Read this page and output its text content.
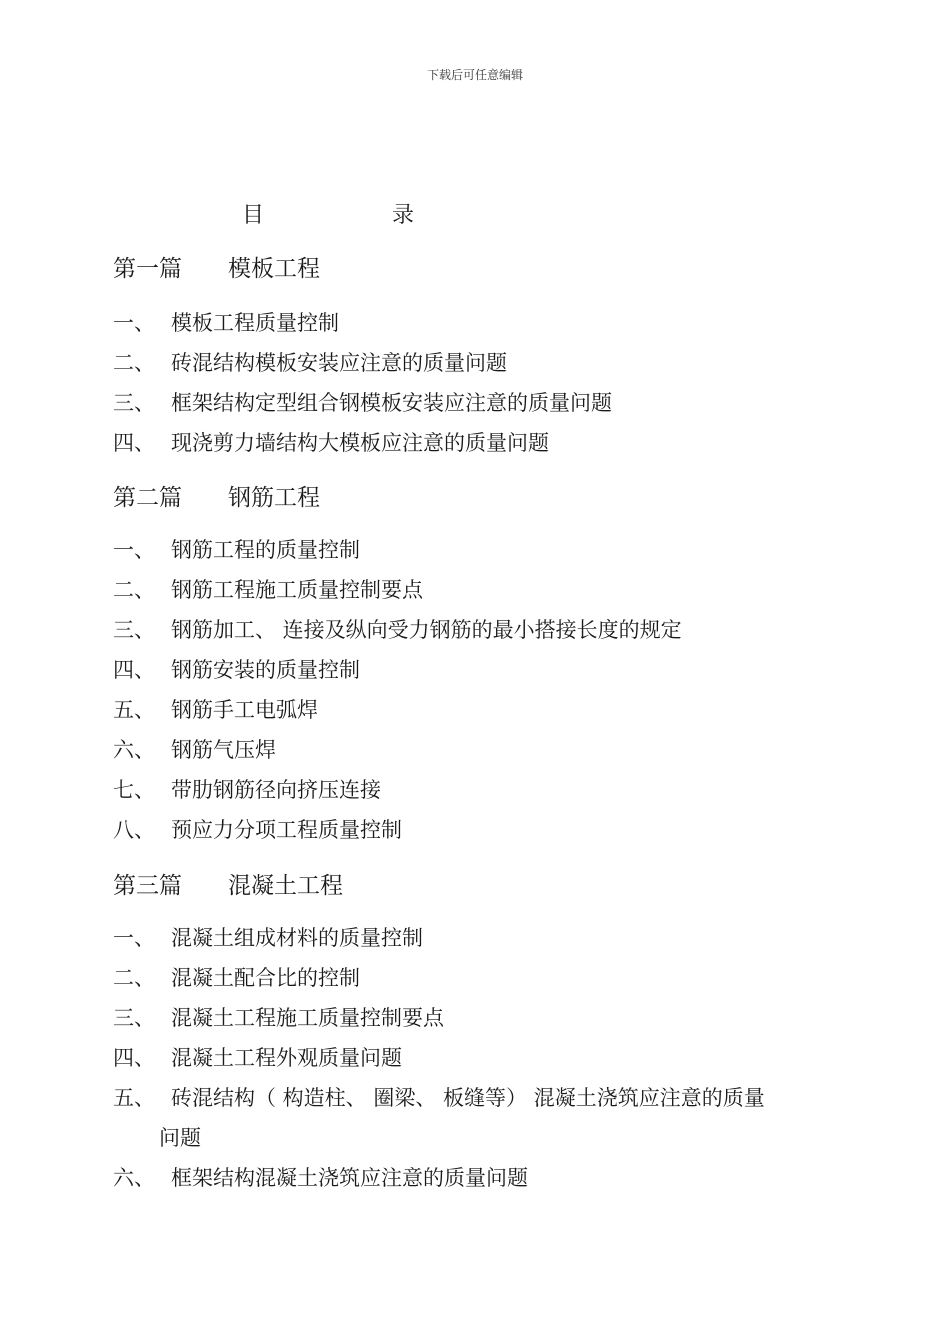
下载后可任意编辑
目	录
第一篇 模板工程
一、 模板工程质量控制
二、 砖混结构模板安装应注意的质量问题
三、 框架结构定型组合钢模板安装应注意的质量问题
四、 现浇剪力墙结构大模板应注意的质量问题
第二篇 钢筋工程
一、 钢筋工程的质量控制
二、 钢筋工程施工质量控制要点
三、 钢筋加工、 连接及纵向受力钢筋的最小搭接长度的规定
四、 钢筋安装的质量控制
五、 钢筋手工电弧焊
六、 钢筋气压焊
七、 带肋钢筋径向挤压连接
八、 预应力分项工程质量控制
第三篇 混凝土工程
一、 混凝土组成材料的质量控制
二、 混凝土配合比的控制
三、 混凝土工程施工质量控制要点
四、 混凝土工程外观质量问题
五、 砖混结构（ 构造柱、 圈梁、 板缝等） 混凝土浇筑应注意的质量
问题
六、 框架结构混凝土浇筑应注意的质量问题
